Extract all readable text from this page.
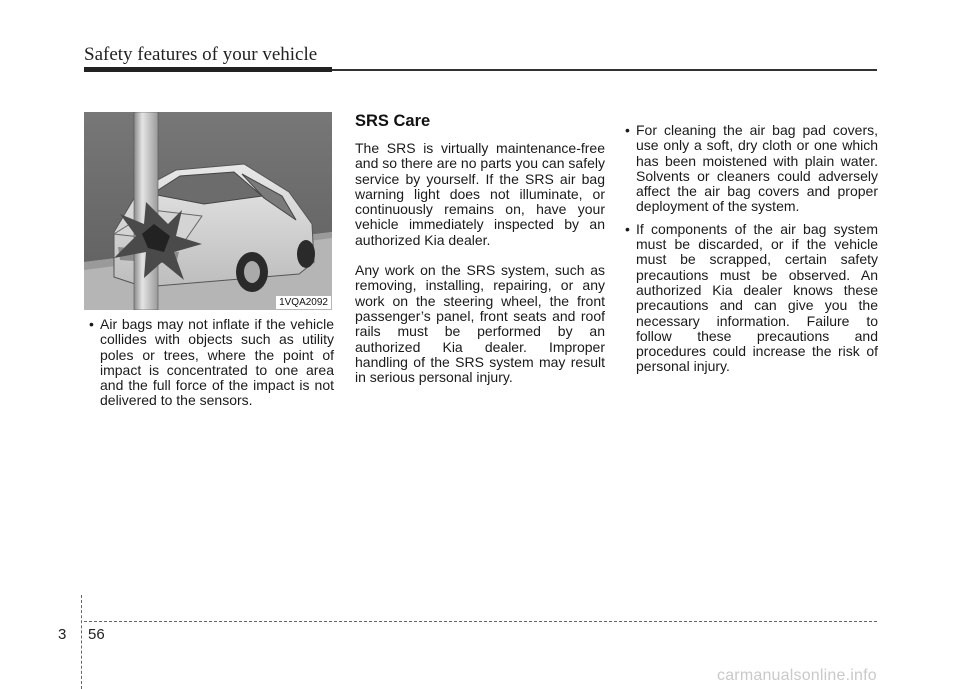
Safety features of your vehicle
1VQA2092

• Air bags may not inflate if the vehicle collides with objects such as utility poles or trees, where the point of impact is concentrated to one area and the full force of the impact is not delivered to the sensors.

SRS Care

The SRS is virtually maintenance-free and so there are no parts you can safely service by yourself. If the SRS air bag warning light does not illuminate, or continuously remains on, have your vehicle immediately inspected by an authorized Kia dealer.

Any work on the SRS system, such as removing, installing, repairing, or any work on the steering wheel, the front passenger’s panel, front seats and roof rails must be performed by an authorized Kia dealer. Improper handling of the SRS system may result in serious personal injury.

• For cleaning the air bag pad covers, use only a soft, dry cloth or one which has been moistened with plain water. Solvents or cleaners could adversely affect the air bag covers and proper deployment of the system.

• If components of the air bag system must be discarded, or if the vehicle must be scrapped, certain safety precautions must be observed. An authorized Kia dealer knows these precautions and can give you the necessary information. Failure to follow these precautions and procedures could increase the risk of personal injury.

3 56
carmanualsonline.info
